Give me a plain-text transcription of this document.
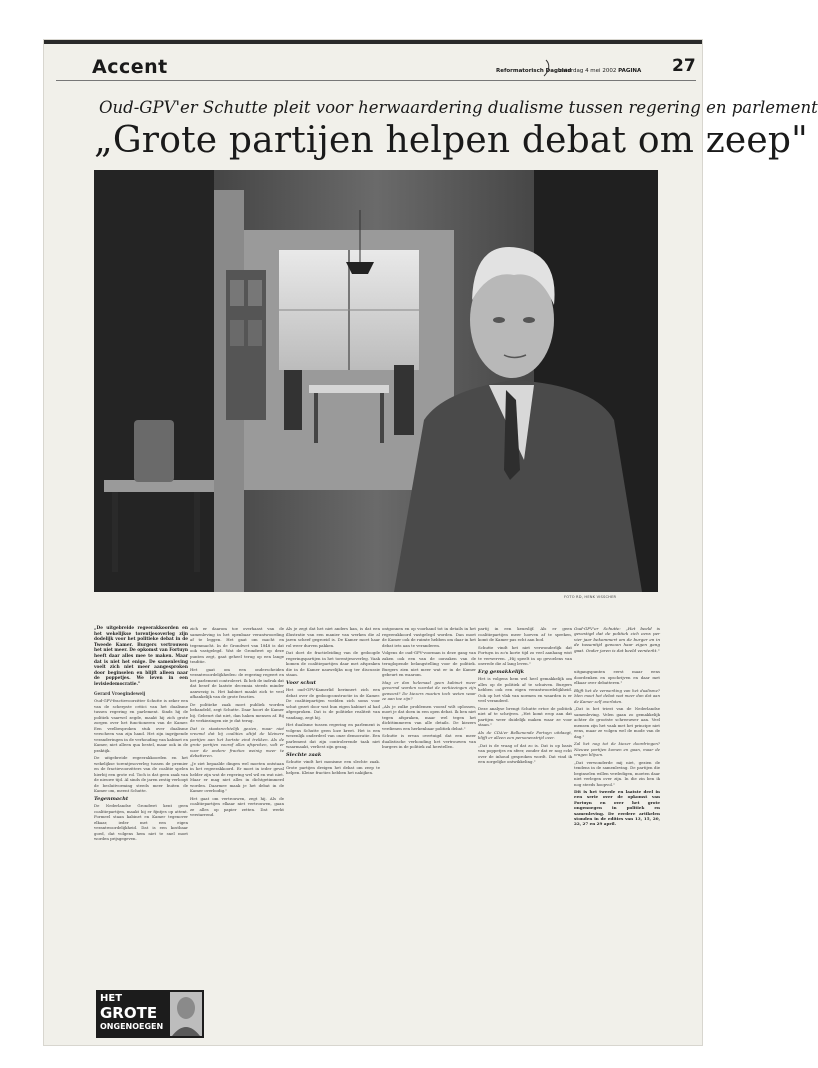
Accent	Reformatorisch Dagblad
zaterdag 4 mei 2002 PAGINA 27
Oud-GPV'er Schutte pleit voor herwaardering dualisme tussen regering en parlement
„Grote partijen helpen debat om zeep"
FOTO RD, HENK VISSCHER

„De uitgebreide regeerakkoorden en het wekelijkse torentjesoverleg zijn dodelijk voor het politieke debat in de Tweede Kamer. Burgers vertrouwen het niet meer. De opkomst van Fortuyn heeft daar alles mee te maken. Maar dat is niet het enige. De samenleving voelt zich niet meer aangesproken door beginselen en blijft alleen naar de poppetjes. We leven in een levisiedemocratie."

Gerard Vroegindeweij

Oud-GPV-fractievoorzitter Schutte is zeker een van de scherpste critici van het dualisme tussen regering en parlement. Sinds hij de politiek vaarwel zegde, maakt hij zich grote zorgen over het functioneren van de Kamer. Een veelbesproken stuk over dualisme verscheen van zijn hand. Het zijn ingrijpende veranderingen in de verhouding van kabinet en Kamer, niet alleen qua bestel, maar ook in de praktijk.

De uitgebreide regeerakkoorden en het wekelijkse torentjesoverleg tussen de premier en de fractievoorzitters van de coalitie spelen hierbij een grote rol. Toch is dat geen zaak van de nieuwe tijd. Al sinds de jaren zestig verloopt de besluitvorming steeds meer buiten de Kamer om, meent Schutte.

Tegenmacht

De Nederlandse Grondwet kent geen coalitiepartijen, maakt hij er fijntjes op attent. Formeel staan kabinet en Kamer tegenover elkaar, ieder met een eigen verantwoordelijkheid. Dat is een kostbaar goed, dat volgens hem niet te snel moet worden prijsgegeven.

zich er daarom toe overhaast van de samenleving in het openbaar verantwoording af te leggen. Het gaat om macht en tegenmacht. In de Grondwet van 1848 is dat ook vastgelegd. Wat de Grondwet op deze punten zegt, gaat geheel terug op een lange traditie.

Het gaat om een onderscheiden verantwoordelijkheden: de regering regeert en het parlement controleert. Ik heb de indruk dat dat besef de laatste decennia steeds minder aanwezig is. Het kabinet maakt zich te veel afhankelijk van de grote fracties.

De politieke zaak moet publiek worden behandeld, zegt Schutte. Daar hoort de Kamer bij. Gebeurt dat niet, dan haken mensen af. Bij de verkiezingen zie je dat terug.

Dat is staatsrechtelijk gezien, maar niet vreemd dat bij coalities altijd de kleinere partijen aan het kortste eind trekken. Als de grote partijen vooraf alles afspreken, valt er voor de andere fracties weinig meer te debatteren.

„Je ziet bepaalde dingen wel moeten ontstaan in het regeerakkoord. Er moet in ieder geval helder zijn wat de regering wel wil en wat niet. Maar er mag niet alles in dichtgetimmerd worden. Daarmee maak je het debat in de Kamer overbodig."

Het gaat om vertrouwen, zegt hij. Als de coalitiepartijen elkaar niet vertrouwen, gaan ze alles op papier zetten. Dat werkt verstarrend.

Als je zegt dat het niet anders kan, is dat een illustratie van een manier van werken die al jaren scheef gegroeid is. De Kamer moet haar rol weer durven pakken.

Dat doet de fractieleiding van de gedoogde regeringspartijen in het torentjesoverleg. Vaak komen de coalitiepartijen daar met afspraken die in de Kamer nauwelijks nog ter discussie staan.

Voor schut

Het oud-GPV-Kamerlid herinnert zich een debat over de gedoogconstructie in de Kamer. De coalitiepartijen voelden zich soms voor schut gezet door wat hun eigen kabinet al had afgesproken. Dat is de politieke realiteit van vandaag, zegt hij.

Het dualisme tussen regering en parlement is volgens Schutte geen loze kreet. Het is een wezenlijk onderdeel van onze democratie. Een parlement dat zijn controlerende taak niet waarmaakt, verliest zijn gezag.

Slechte zaak

Schutte vindt het monisme een slechte zaak. Grote partijen dreigen het debat om zeep te helpen. Kleine fracties hebben het nakijken.

ontgonnen en op voorhand tot in details in het regeerakkoord vastgelegd worden. Dan moet de Kamer ook de ruimte hebben om daar in het debat iets aan te veranderen.

Volgens de oud-GPV-voorman is deze gang van zaken ook een van de oorzaken van de teruglopende belangstelling voor de politiek. Burgers zien niet meer wat er in de Kamer gebeurt en waarom.

Mag er dan helemaal geen kabinet meer gevormd worden voordat de verkiezingen zijn geweest? De kiezers moeten toch weten waar ze aan toe zijn?

„Als je zulke problemen vooraf wilt oplossen, moet je dat doen in een open debat. Ik ben niet tegen afspraken, maar wel tegen het dichttimmeren van alle details. De kiezers verdienen een herkenbaar politiek debat."

Schutte is ervan overtuigd dat een meer dualistische verhouding het vertrouwen van burgers in de politiek zal herstellen.

partij in een keurslijf. Als er geen coalitiepartijen meer hoeven af te spreken, komt de Kamer pas echt aan bod.

Schutte vindt het niet verwonderlijk dat Fortuyn in zo'n korte tijd zo veel aanhang wist te verwerven. „Hij speelt in op gevoelens van onvrede die al lang leven."

Erg gemakkelijk

Het is volgens hem wel heel gemakkelijk om alles op de politiek af te schuiven. Burgers hebben ook een eigen verantwoordelijkheid. Ook op het vlak van normen en waarden is er veel veranderd.

Deze analyse brengt Schutte ertoe de politiek niet af te schrijven. „Het komt erop aan dat partijen weer duidelijk maken waar ze voor staan."

Als de CDA'er Balkenende Fortuyn uitdaagt, blijft er alleen een personenstrijd over.

„Dat is de vraag of dat zo is. Dat is op basis van poppetjes en sfeer, zonder dat er nog echt over de inhoud gesproken wordt. Dat vind ik een zorgelijke ontwikkeling."

Oud-GPV'er Schutte: „Het beeld is gevestigd dat de politiek zich eens per vier jaar bekommert om de burger en in de tussentijd gewoon haar eigen gang gaat. Onder jaren is dat beeld versterkt."

uitgangspunten eerst maar eens doordenken en opschrijven en daar met elkaar over debatteren."

Blijft het de verwerking van het dualisme? Men moet het debat wat meer dan dat aan de Kamer zelf overlaten.

„Dat is het triest van de Nederlandse samenleving. Velen gaan zo gemakkelijk achter de grootste schreeuwer aan. Veel mensen zijn het vaak met het principe niet eens, maar ze volgen wel de mode van de dag."

Zal het nog tot de kiezer doordringen? Nieuwe partijen komen en gaan, maar de vragen blijven.

„Dat verwonderde mij niet, gezien de tendens in de samenleving. De partijen die beginselen willen verdedigen, moeten daar niet verlegen over zijn. In die zin ben ik nog steeds hoopvol."

Dit is het tweede en laatste deel in een serie over de opkomst van Fortuyn en over het grote ongenoegen in politiek en samenleving. De eerdere artikelen stonden in de edities van 13, 15, 20, 22, 27 en 29 april.

HET
GROTE
ONGENOEGEN
